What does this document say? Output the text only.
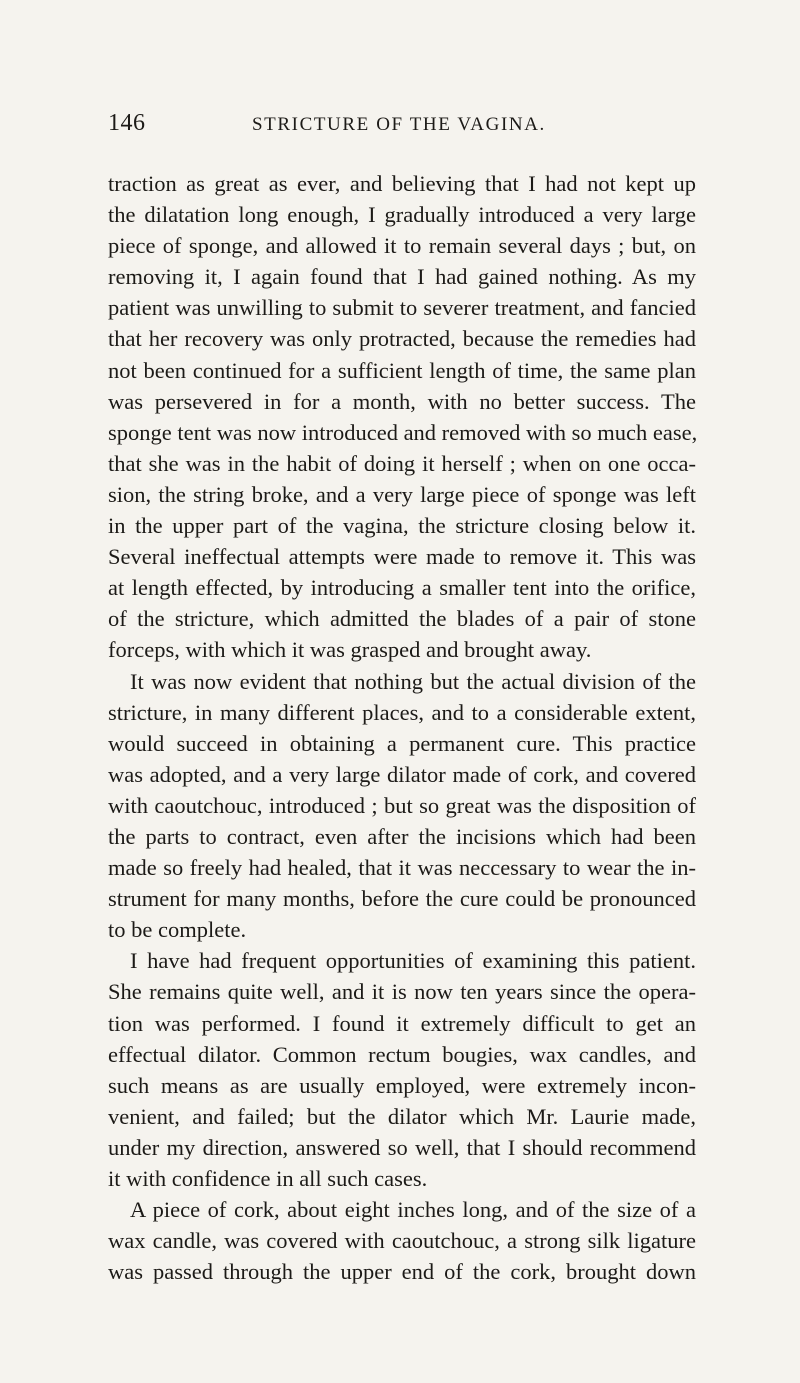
146	STRICTURE OF THE VAGINA.
traction as great as ever, and believing that I had not kept up
the dilatation long enough, I gradually introduced a very large
piece of sponge, and allowed it to remain several days ; but, on
removing it, I again found that I had gained nothing. As my
patient was unwilling to submit to severer treatment, and fancied
that her recovery was only protracted, because the remedies had
not been continued for a sufficient length of time, the same plan
was persevered in for a month, with no better success. The
sponge tent was now introduced and removed with so much ease,
that she was in the habit of doing it herself ; when on one occa-
sion, the string broke, and a very large piece of sponge was left
in the upper part of the vagina, the stricture closing below it.
Several ineffectual attempts were made to remove it. This was
at length effected, by introducing a smaller tent into the orifice,
of the stricture, which admitted the blades of a pair of stone
forceps, with which it was grasped and brought away.
It was now evident that nothing but the actual division of the
stricture, in many different places, and to a considerable extent,
would succeed in obtaining a permanent cure. This practice
was adopted, and a very large dilator made of cork, and covered
with caoutchouc, introduced ; but so great was the disposition of
the parts to contract, even after the incisions which had been
made so freely had healed, that it was neccessary to wear the in-
strument for many months, before the cure could be pronounced
to be complete.
I have had frequent opportunities of examining this patient.
She remains quite well, and it is now ten years since the opera-
tion was performed. I found it extremely difficult to get an
effectual dilator. Common rectum bougies, wax candles, and
such means as are usually employed, were extremely incon-
venient, and failed; but the dilator which Mr. Laurie made,
under my direction, answered so well, that I should recommend
it with confidence in all such cases.
A piece of cork, about eight inches long, and of the size of a
wax candle, was covered with caoutchouc, a strong silk ligature
was passed through the upper end of the cork, brought down
